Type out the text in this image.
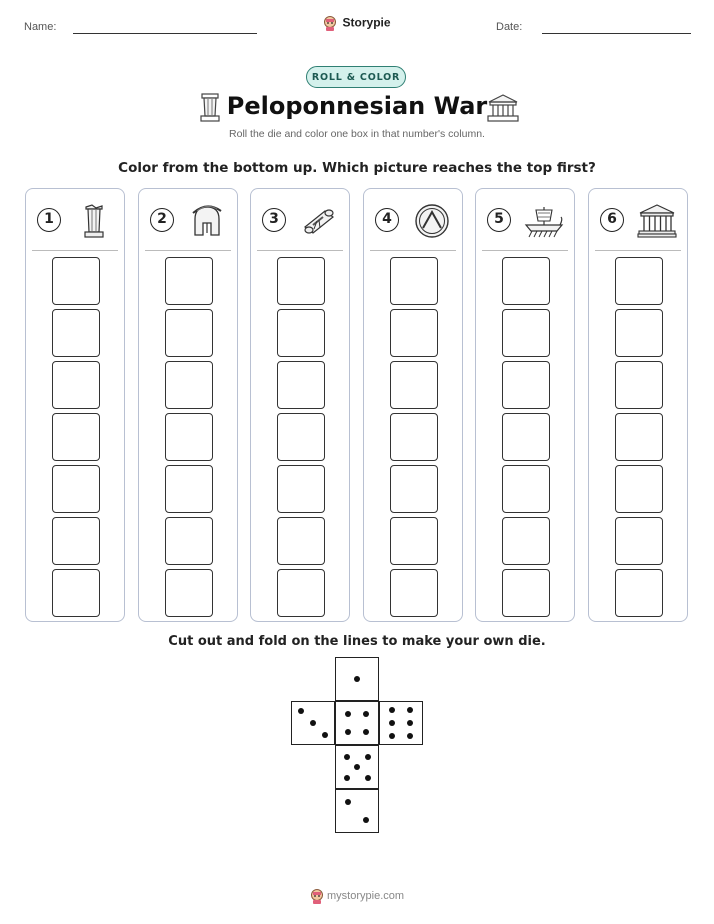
Name:	Storypie	Date:
ROLL & COLOR
Peloponnesian War
Roll the die and color one box in that number's column.
Color from the bottom up. Which picture reaches the top first?
1	2	3	4	5	6
Cut out and fold on the lines to make your own die.
mystorypie.com
